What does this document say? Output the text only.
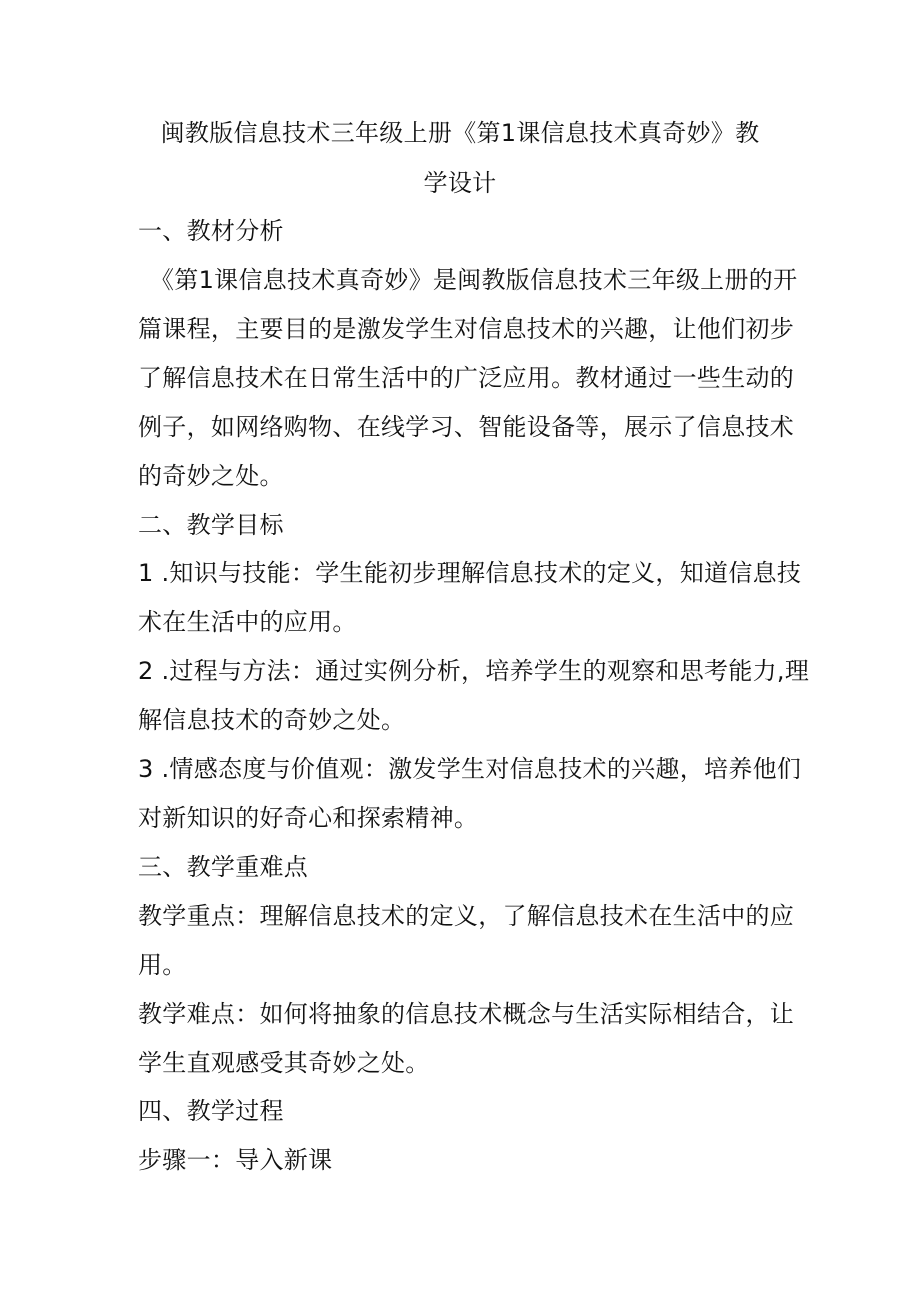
闽教版信息技术三年级上册《第1课信息技术真奇妙》教
学设计
一、教材分析
《第1课信息技术真奇妙》是闽教版信息技术三年级上册的开
篇课程，主要目的是激发学生对信息技术的兴趣，让他们初步
了解信息技术在日常生活中的广泛应用。教材通过一些生动的
例子，如网络购物、在线学习、智能设备等，展示了信息技术
的奇妙之处。
二、教学目标
1 .知识与技能：学生能初步理解信息技术的定义，知道信息技
术在生活中的应用。
2 .过程与方法：通过实例分析，培养学生的观察和思考能力,理
解信息技术的奇妙之处。
3 .情感态度与价值观：激发学生对信息技术的兴趣，培养他们
对新知识的好奇心和探索精神。
三、教学重难点
教学重点：理解信息技术的定义，了解信息技术在生活中的应
用。
教学难点：如何将抽象的信息技术概念与生活实际相结合，让
学生直观感受其奇妙之处。
四、教学过程
步骤一：导入新课
